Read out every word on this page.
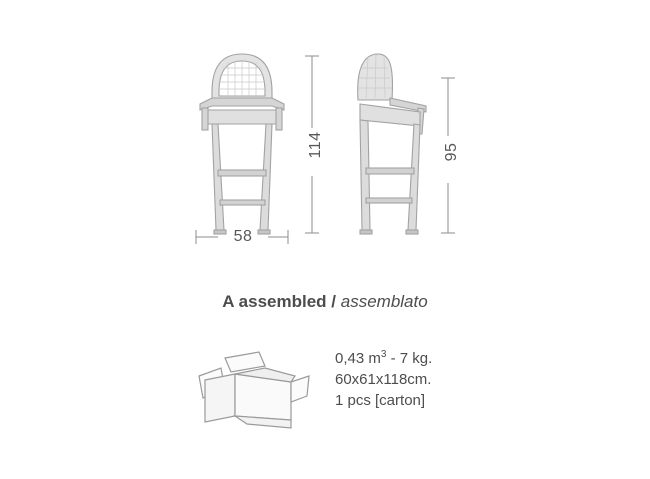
114	95
58
A assembled / assemblato
0,43 $m^3 - 7$ kg.
60x61x118cm.
1 pcs [carton]
